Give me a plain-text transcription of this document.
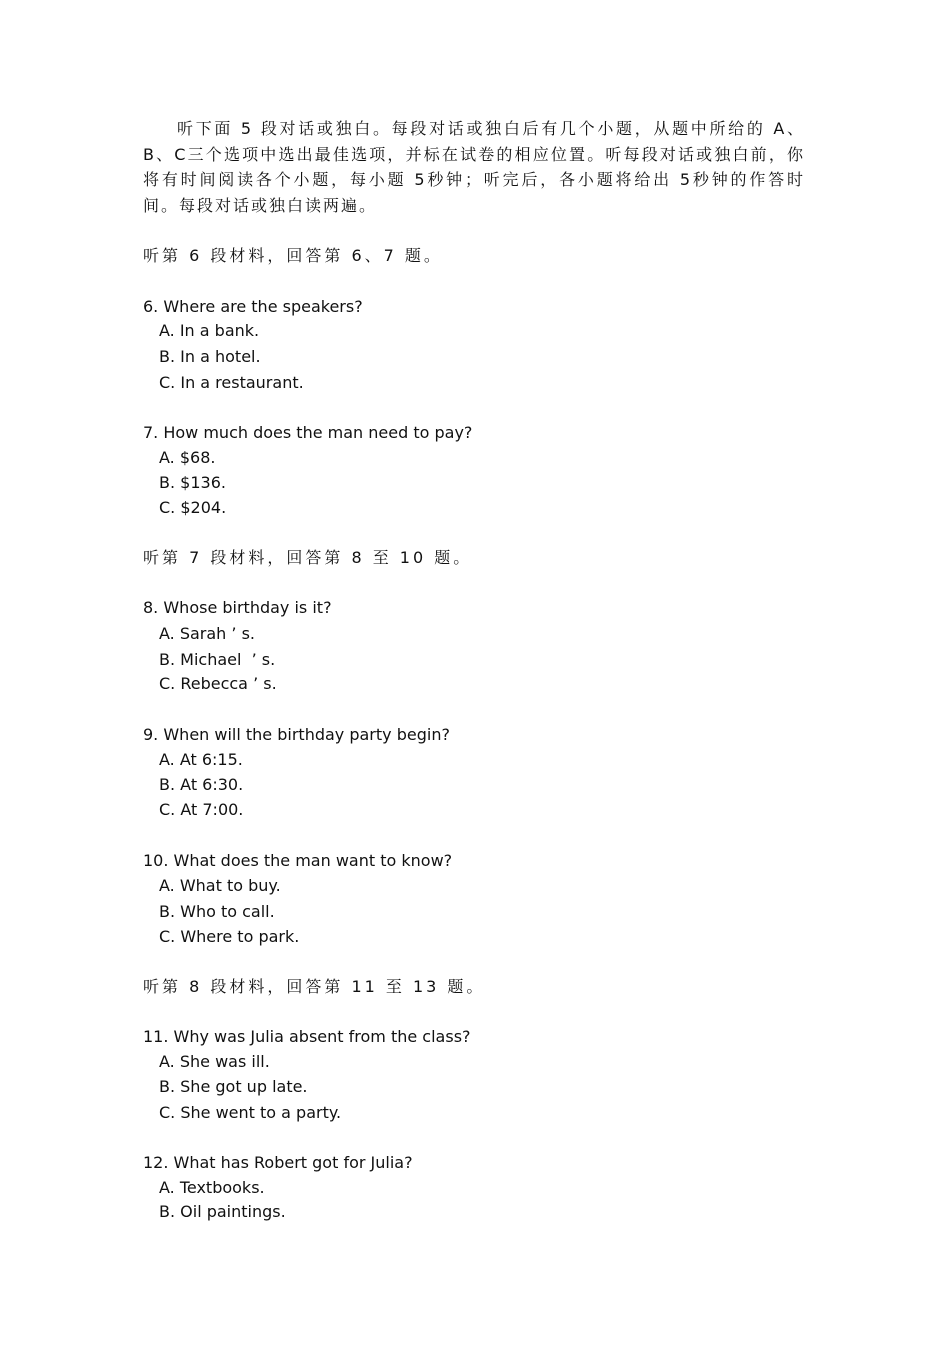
听下面 5 段对话或独白。每段对话或独白后有几个小题，从题中所给的 A、B、C三个选项中选出最佳选项，并标在试卷的相应位置。听每段对话或独白前，你将有时间阅读各个小题，每小题 5秒钟；听完后，各小题将给出 5秒钟的作答时间。每段对话或独白读两遍。

听第 6 段材料，回答第 6、7 题。

6. Where are the speakers?

A. In a bank.

B. In a hotel.

C. In a restaurant.

7. How much does the man need to pay?

A. $68.

B. $136.

C. $204.

听第 7 段材料，回答第 8 至 10 题。

8. Whose birthday is it?

A. Sarah ’ s.

B. Michael  ’ s.

C. Rebecca ’ s.

9. When will the birthday party begin?

A. At 6:15.

B. At 6:30.

C. At 7:00.

10. What does the man want to know?

A. What to buy.

B. Who to call.

C. Where to park.

听第 8 段材料，回答第 11 至 13 题。

11. Why was Julia absent from the class?

A. She was ill.

B. She got up late.

C. She went to a party.

12. What has Robert got for Julia?

A. Textbooks.

B. Oil paintings.
